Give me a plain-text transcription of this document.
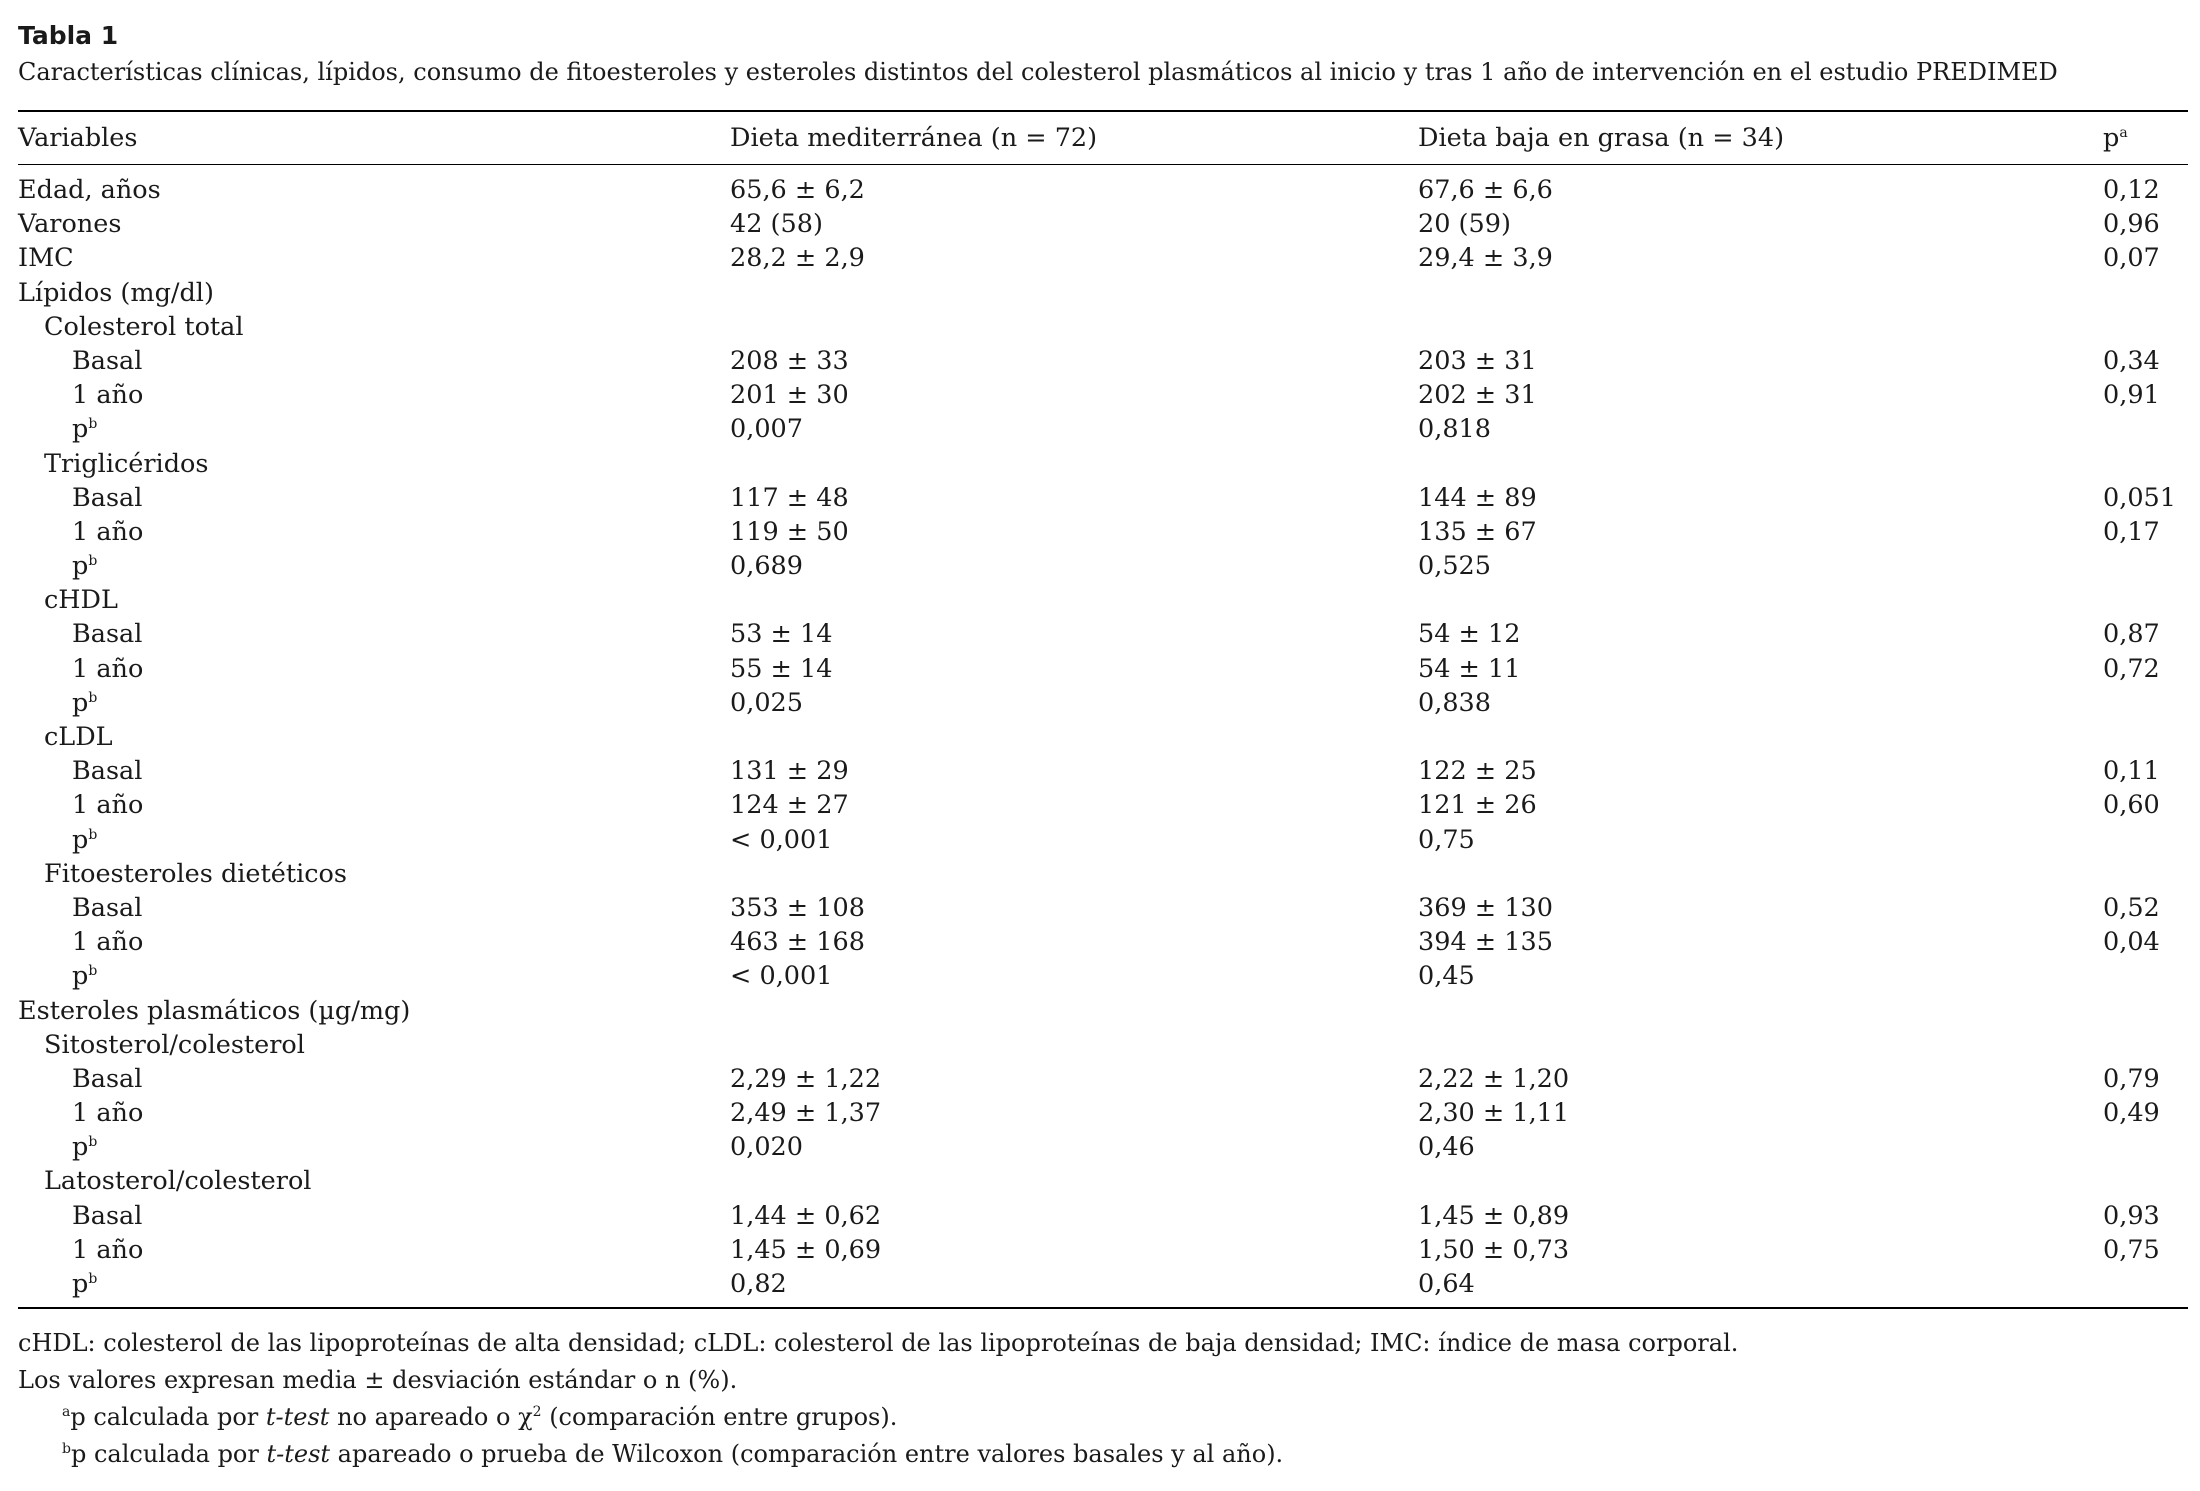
Tabla 1
Características clínicas, lípidos, consumo de fitoesteroles y esteroles distintos del colesterol plasmáticos al inicio y tras 1 año de intervención en el estudio PREDIMED
Variables	Dieta mediterránea (n = 72)	Dieta baja en grasa (n = 34)	$p^a$
Edad, años	65,6 ± 6,2	67,6 ± 6,6	0,12
Varones	42 (58)	20 (59)	0,96
IMC	28,2 ± 2,9	29,4 ± 3,9	0,07
Lípidos (mg/dl)
Colesterol total
Basal	208 ± 33	203 ± 31	0,34
1 año	201 ± 30	202 ± 31	0,91
$p^b$	0,007	0,818
Triglicéridos
Basal	117 ± 48	144 ± 89	0,051
1 año	119 ± 50	135 ± 67	0,17
$p^b$	0,689	0,525
cHDL
Basal	53 ± 14	54 ± 12	0,87
1 año	55 ± 14	54 ± 11	0,72
$p^b$	0,025	0,838
cLDL
Basal	131 ± 29	122 ± 25	0,11
1 año	124 ± 27	121 ± 26	0,60
$p^b$	< 0,001	0,75
Fitoesteroles dietéticos
Basal	353 ± 108	369 ± 130	0,52
1 año	463 ± 168	394 ± 135	0,04
$p^b$	< 0,001	0,45
Esteroles plasmáticos (µg/mg)
Sitosterol/colesterol
Basal	2,29 ± 1,22	2,22 ± 1,20	0,79
1 año	2,49 ± 1,37	2,30 ± 1,11	0,49
$p^b$	0,020	0,46
Latosterol/colesterol
Basal	1,44 ± 0,62	1,45 ± 0,89	0,93
1 año	1,45 ± 0,69	1,50 ± 0,73	0,75
$p^b$	0,82	0,64
cHDL: colesterol de las lipoproteínas de alta densidad; cLDL: colesterol de las lipoproteínas de baja densidad; IMC: índice de masa corporal.
Los valores expresan media ± desviación estándar o n (%).
$^a$p calculada por t-test no apareado o $\chi^2$ (comparación entre grupos).
$^b$p calculada por t-test apareado o prueba de Wilcoxon (comparación entre valores basales y al año).
